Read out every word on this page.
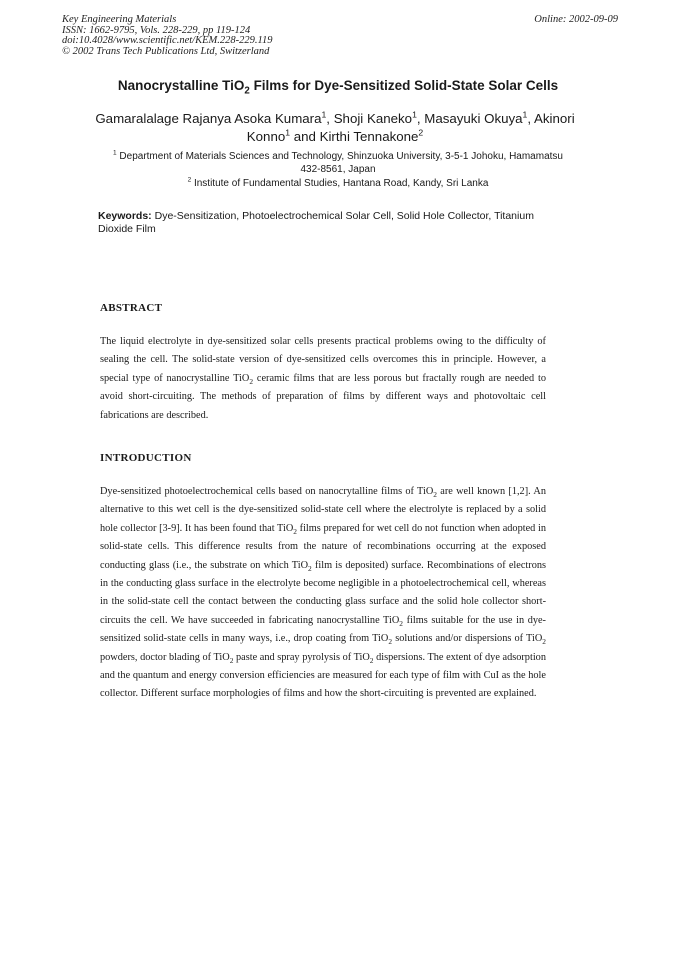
Key Engineering Materials
ISSN: 1662-9795, Vols. 228-229, pp 119-124
doi:10.4028/www.scientific.net/KEM.228-229.119
© 2002 Trans Tech Publications Ltd, Switzerland
Online: 2002-09-09
Nanocrystalline TiO$_2$ Films for Dye-Sensitized Solid-State Solar Cells
Gamaralalage Rajanya Asoka Kumara$^1$, Shoji Kaneko$^1$, Masayuki Okuya$^1$, Akinori Konno$^1$ and Kirthi Tennakone$^2$
$^1$ Department of Materials Sciences and Technology, Shinzuoka University, 3-5-1 Johoku, Hamamatsu 432-8561, Japan
$^2$ Institute of Fundamental Studies, Hantana Road, Kandy, Sri Lanka
Keywords: Dye-Sensitization, Photoelectrochemical Solar Cell, Solid Hole Collector, Titanium Dioxide Film
ABSTRACT
The liquid electrolyte in dye-sensitized solar cells presents practical problems owing to the difficulty of sealing the cell. The solid-state version of dye-sensitized cells overcomes this in principle. However, a special type of nanocrystalline TiO$_2$ ceramic films that are less porous but fractally rough are needed to avoid short-circuiting. The methods of preparation of films by different ways and photovoltaic cell fabrications are described.
INTRODUCTION
Dye-sensitized photoelectrochemical cells based on nanocrytalline films of TiO$_2$ are well known [1,2]. An alternative to this wet cell is the dye-sensitized solid-state cell where the electrolyte is replaced by a solid hole collector [3-9]. It has been found that TiO$_2$ films prepared for wet cell do not function when adopted in solid-state cells. This difference results from the nature of recombinations occurring at the exposed conducting glass (i.e., the substrate on which TiO$_2$ film is deposited) surface. Recombinations of electrons in the conducting glass surface in the electrolyte become negligible in a photoelectrochemical cell, whereas in the solid-state cell the contact between the conducting glass surface and the solid hole collector short-circuits the cell. We have succeeded in fabricating nanocrystalline TiO$_2$ films suitable for the use in dye-sensitized solid-state cells in many ways, i.e., drop coating from TiO$_2$ solutions and/or dispersions of TiO$_2$ powders, doctor blading of TiO$_2$ paste and spray pyrolysis of TiO$_2$ dispersions. The extent of dye adsorption and the quantum and energy conversion efficiencies are measured for each type of film with CuI as the hole collector. Different surface morphologies of films and how the short-circuiting is prevented are explained.
